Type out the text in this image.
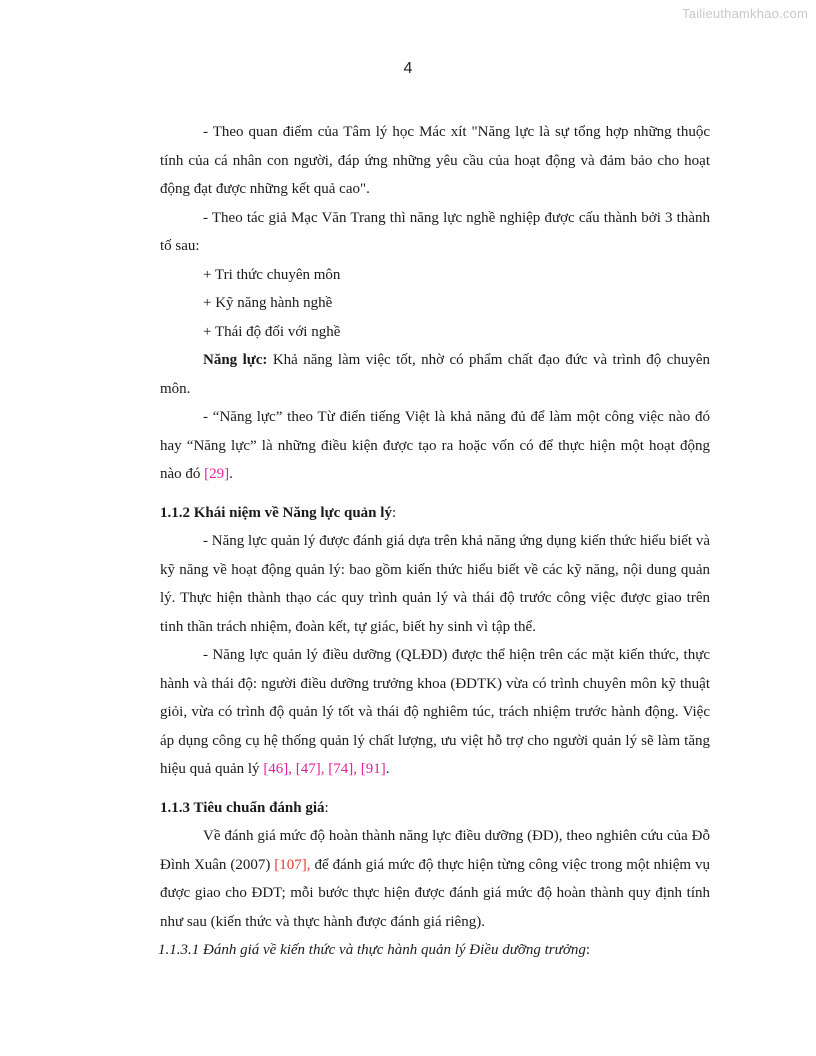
Tailieuthamkhao.com
4

- Theo quan điểm của Tâm lý học Mác xít "Năng lực là sự tổng hợp những thuộc tính của cá nhân con người, đáp ứng những yêu cầu của hoạt động và đảm bảo cho hoạt động đạt được những kết quả cao".

- Theo tác giả Mạc Văn Trang thì năng lực nghề nghiệp được cấu thành bởi 3 thành tố sau:

+ Tri thức chuyên môn

+ Kỹ năng hành nghề

+ Thái độ đối với nghề

Năng lực: Khả năng làm việc tốt, nhờ có phẩm chất đạo đức và trình độ chuyên môn.

- “Năng lực” theo Từ điển tiếng Việt là khả năng đủ để làm một công việc nào đó hay “Năng lực” là những điều kiện được tạo ra hoặc vốn có để thực hiện một hoạt động nào đó [29].

1.1.2 Khái niệm về Năng lực quản lý:

- Năng lực quản lý được đánh giá dựa trên khả năng ứng dụng kiến thức hiểu biết và kỹ năng về hoạt động quản lý: bao gồm kiến thức hiểu biết về các kỹ năng, nội dung quản lý. Thực hiện thành thạo các quy trình quản lý và thái độ trước công việc được giao trên tinh thần trách nhiệm, đoàn kết, tự giác, biết hy sinh vì tập thể.

- Năng lực quản lý điều dưỡng (QLĐD) được thể hiện trên các mặt kiến thức, thực hành và thái độ: người điều dưỡng trưởng khoa (ĐDTK) vừa có trình chuyên môn kỹ thuật giỏi, vừa có trình độ quản lý tốt và thái độ nghiêm túc, trách nhiệm trước hành động. Việc áp dụng công cụ hệ thống quản lý chất lượng, ưu việt hỗ trợ cho người quản lý sẽ làm tăng hiệu quả quản lý [46], [47], [74], [91].

1.1.3 Tiêu chuẩn đánh giá:

Về đánh giá mức độ hoàn thành năng lực điều dưỡng (ĐD), theo nghiên cứu của Đỗ Đình Xuân (2007) [107], để đánh giá mức độ thực hiện từng công việc trong một nhiệm vụ được giao cho ĐDT; mỗi bước thực hiện được đánh giá mức độ hoàn thành quy định tính như sau (kiến thức và thực hành được đánh giá riêng).

1.1.3.1 Đánh giá về kiến thức và thực hành quản lý Điều dưỡng trưởng:
